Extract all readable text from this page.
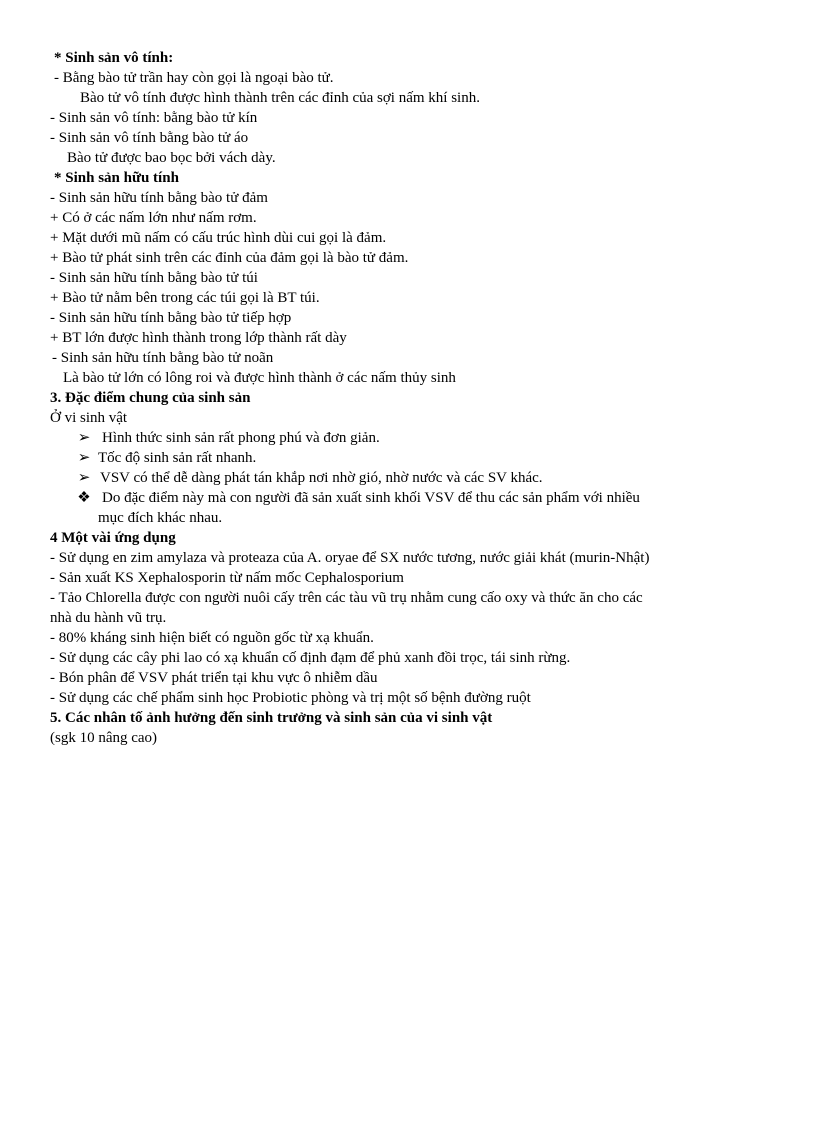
* Sinh sản vô tính:
- Bằng bào tử trần hay còn gọi là ngoại bào tử.
Bào tử vô tính được hình thành trên các đỉnh của sợi nấm khí sinh.
- Sinh sản vô tính: bằng bào tử kín
- Sinh sản vô tính bằng bào tử áo
Bào tử được bao bọc bởi vách dày.
* Sinh sản hữu tính
- Sinh sản hữu tính bằng bào tử đảm
+ Có ở các nấm lớn như nấm rơm.
+ Mặt dưới mũ nấm có cấu trúc hình dùi cui gọi là đảm.
+ Bào tử phát sinh trên các đỉnh của đảm gọi là bào tử đảm.
- Sinh sản hữu tính bằng bào tử túi
+ Bào tử nằm bên trong các túi gọi là BT túi.
- Sinh sản hữu tính bằng bào tử tiếp hợp
+ BT lớn được hình thành trong lớp thành rất dày
- Sinh sản hữu tính bằng bào tử noãn
Là bào tử lớn có lông roi và được hình thành ở các nấm thủy sinh
3. Đặc điểm chung của sinh sản
Ở vi sinh vật
➢ Hình thức sinh sản rất phong phú và đơn giản.
➢ Tốc độ sinh sản rất nhanh.
➢ VSV có thể dễ dàng phát tán khắp nơi nhờ gió, nhờ nước và các SV khác.
❖ Do đặc điểm này mà con người đã sản xuất sinh khối VSV để thu các sản phẩm với nhiều
mục đích khác nhau.
4 Một vài ứng dụng
- Sử dụng en zim amylaza và proteaza của A. oryae để SX nước tương, nước giải khát (murin-Nhật)
- Sản xuất KS Xephalosporin từ nấm mốc Cephalosporium
- Tảo Chlorella được con người nuôi cấy trên các tàu vũ trụ nhằm cung cấo oxy và thức ăn cho các
nhà du hành vũ trụ.
- 80% kháng sinh hiện biết có nguồn gốc từ xạ khuẩn.
- Sử dụng các cây phi lao có xạ khuẩn cố định đạm để phủ xanh đồi trọc, tái sinh rừng.
- Bón phân để VSV phát triển tại khu vực ô nhiễm dầu
- Sử dụng các chế phẩm sinh học Probiotic phòng và trị một số bệnh đường ruột
5. Các nhân tố ảnh hưởng đến sinh trưởng và sinh sản của vi sinh vật
(sgk 10 nâng cao)
